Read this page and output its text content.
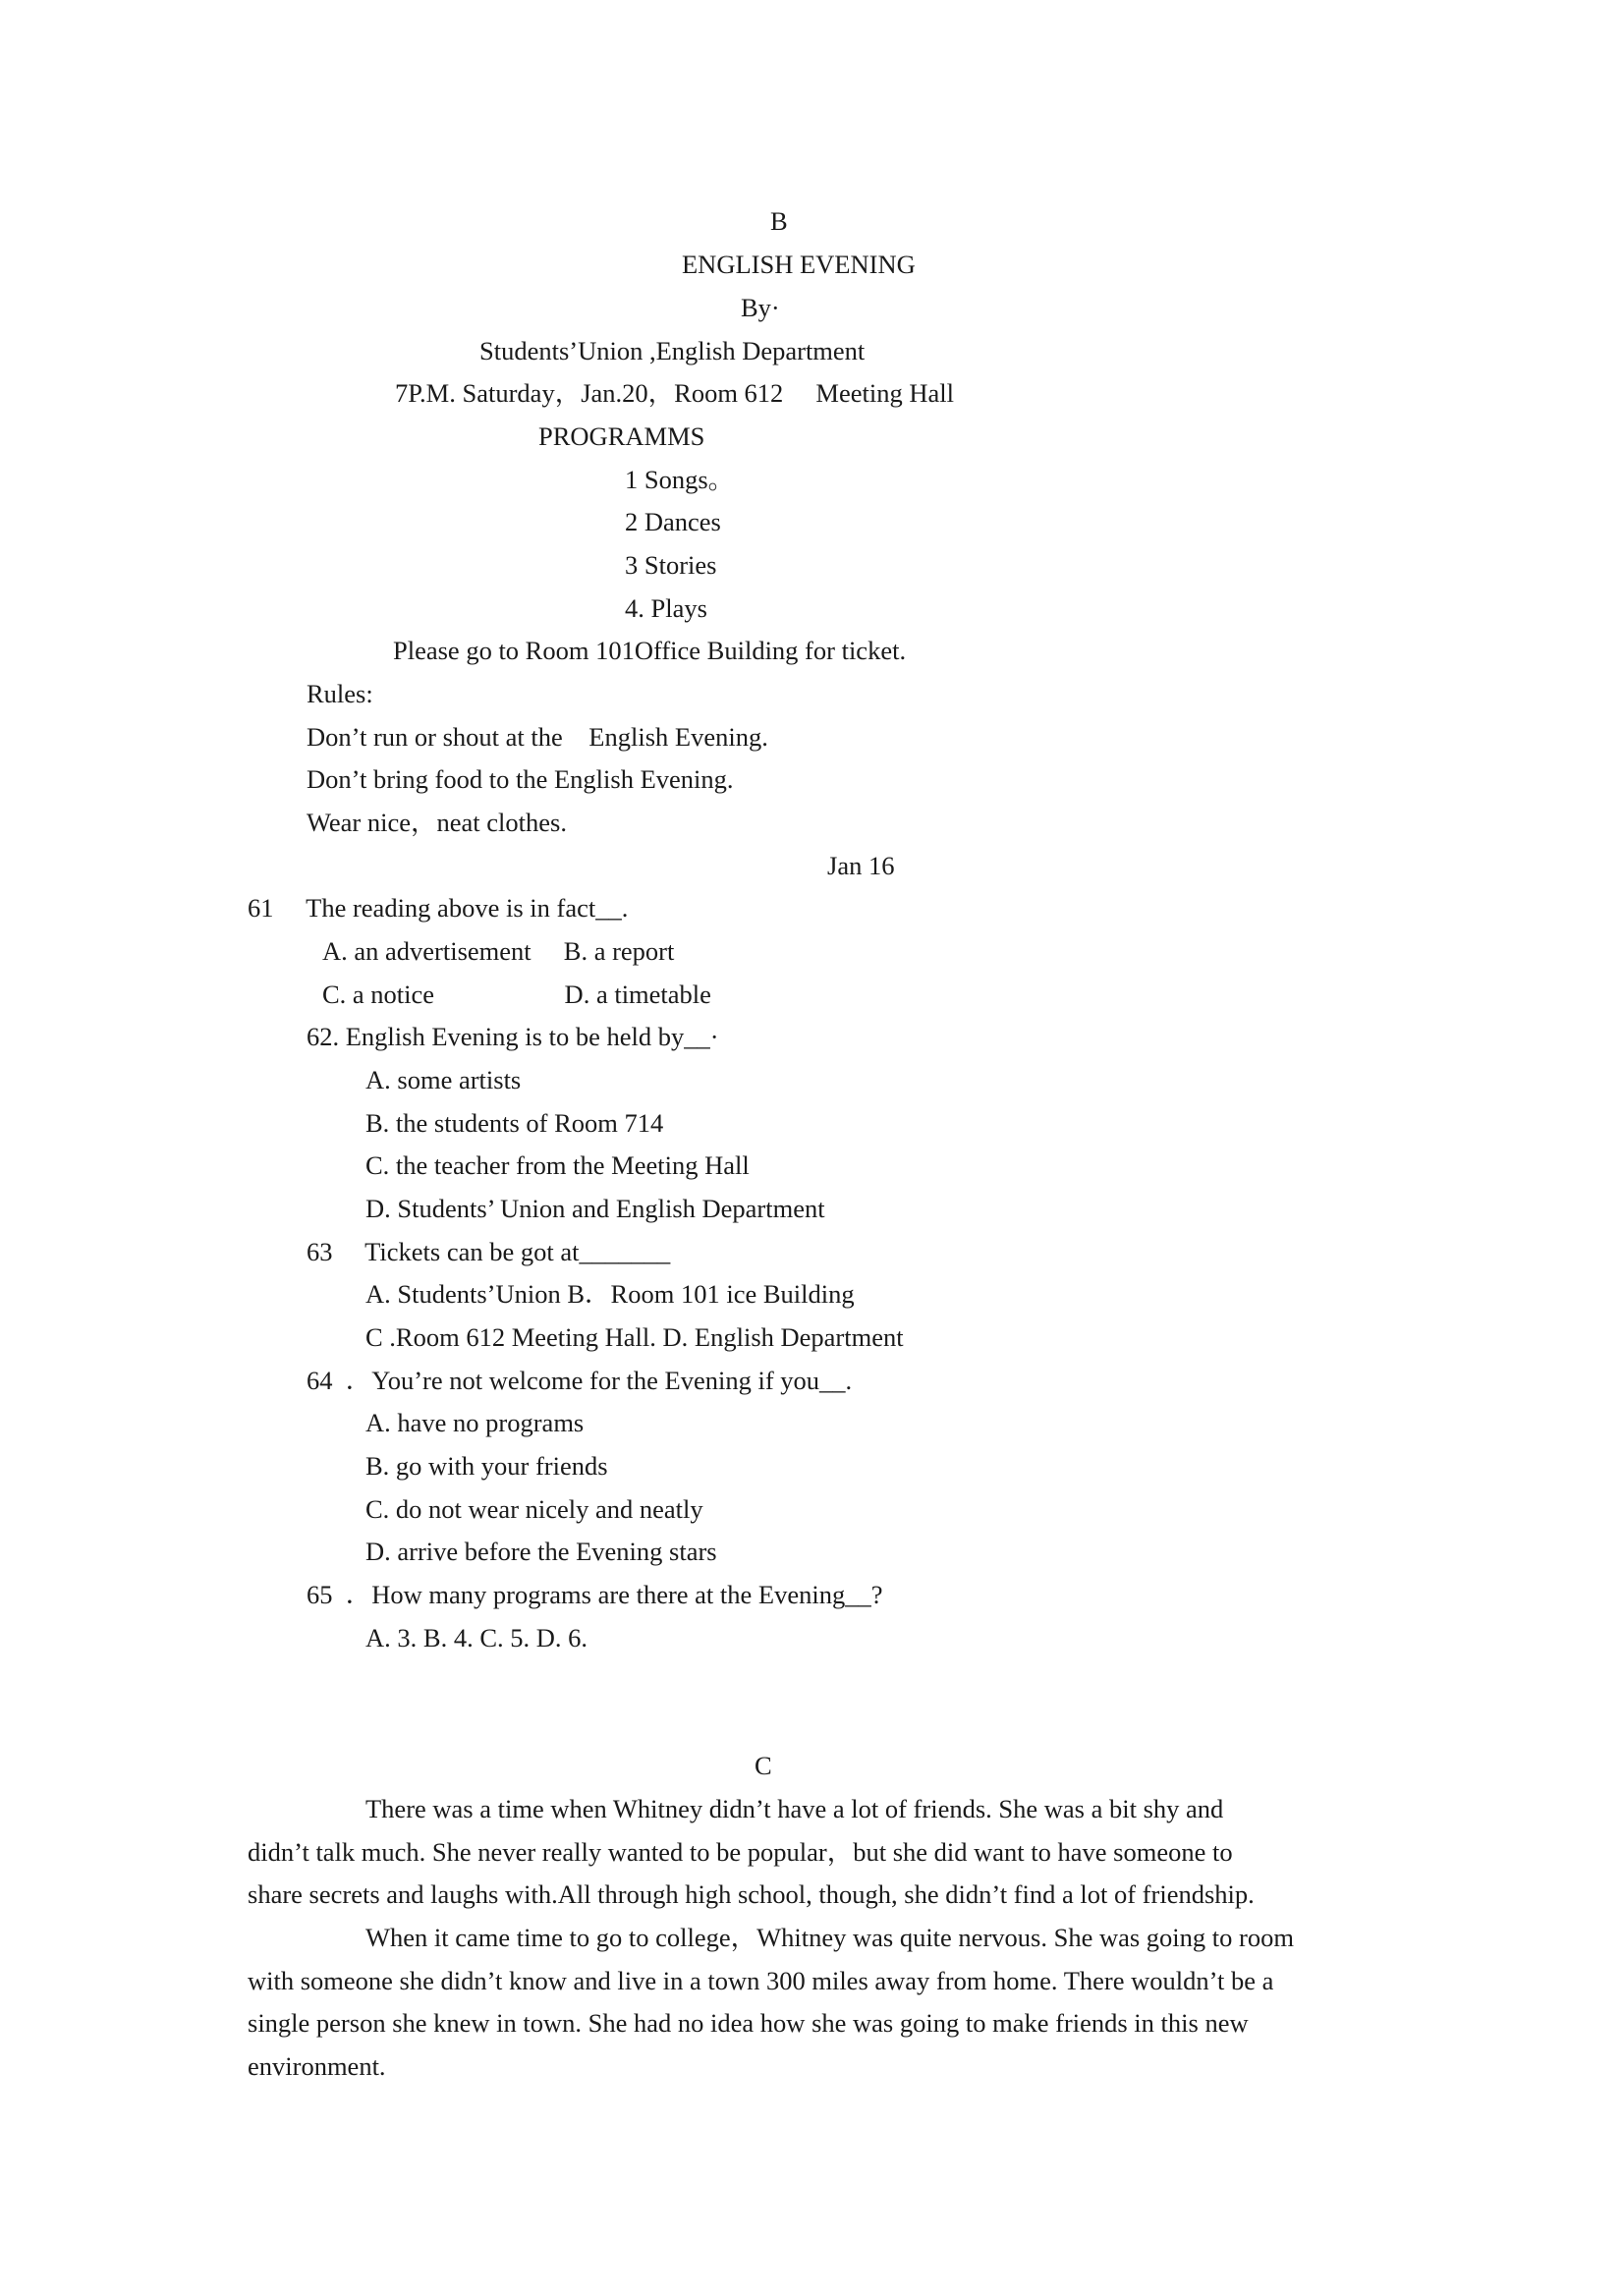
B
ENGLISH EVENING
By·
Students’Union ,English Department
7P.M. Saturday，Jan.20，Room 612     Meeting Hall
PROGRAMMS
1 Songs。
2 Dances
3 Stories
4. Plays
Please go to Room 101Office Building for ticket.
Rules:
Don’t run or shout at the    English Evening.
Don’t bring food to the English Evening.
Wear nice，neat clothes.
Jan 16
61     The reading above is in fact__.
A. an advertisement     B. a report
C. a notice                    D. a timetable
62. English Evening is to be held by__·
A. some artists
B. the students of Room 714
C. the teacher from the Meeting Hall
D. Students’ Union and English Department
63     Tickets can be got at_______
A. Students’Union B．Room 101 ice Building
C .Room 612 Meeting Hall. D. English Department
64  ．You’re not welcome for the Evening if you__.
A. have no programs
B. go with your friends
C. do not wear nicely and neatly
D. arrive before the Evening stars
65  ．How many programs are there at the Evening__?
A. 3. B. 4. C. 5. D. 6.
C
There was a time when Whitney didn’t have a lot of friends. She was a bit shy and
didn’t talk much. She never really wanted to be popular，but she did want to have someone to
share secrets and laughs with.All through high school, though, she didn’t find a lot of friendship.
When it came time to go to college，Whitney was quite nervous. She was going to room
with someone she didn’t know and live in a town 300 miles away from home. There wouldn’t be a
single person she knew in town. She had no idea how she was going to make friends in this new
environment.
